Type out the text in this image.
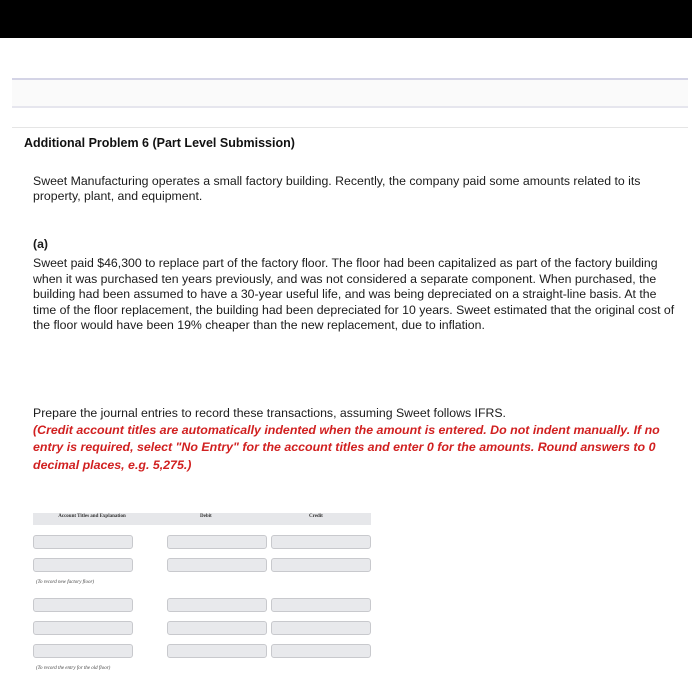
Additional Problem 6 (Part Level Submission)
Sweet Manufacturing operates a small factory building. Recently, the company paid some amounts related to its property, plant, and equipment.
(a)
Sweet paid $46,300 to replace part of the factory floor. The floor had been capitalized as part of the factory building when it was purchased ten years previously, and was not considered a separate component. When purchased, the building had been assumed to have a 30-year useful life, and was being depreciated on a straight-line basis. At the time of the floor replacement, the building had been depreciated for 10 years. Sweet estimated that the original cost of the floor would have been 19% cheaper than the new replacement, due to inflation.
Prepare the journal entries to record these transactions, assuming Sweet follows IFRS.
(Credit account titles are automatically indented when the amount is entered. Do not indent manually. If no entry is required, select "No Entry" for the account titles and enter 0 for the amounts. Round answers to 0 decimal places, e.g. 5,275.)
Account Titles and Explanation	Debit	Credit
(To record new factory floor)
(To record the entry for the old floor)
